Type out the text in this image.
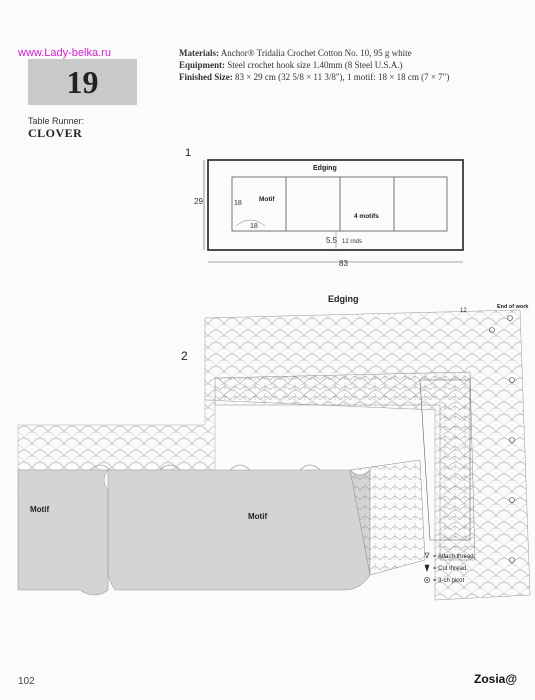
www.Lady-belka.ru
19
Table Runner:
CLOVER
Materials: Anchor® Tridalia Crochet Cotton No. 10, 95 g white
Equipment: Steel crochet hook size 1.40mm (8 Steel U.S.A.)
Finished Size: 83 × 29 cm (32 5/8 × 11 3/8"), 1 motif: 18 × 18 cm (7 × 7")
1
Edging
Motif
4 motifs
29	18
18
5.5 12 rnds
83
2
Edging
End of work
12
Motif
Motif
= Attach thread.
= Cut thread.
= 3-ch picot
102	Zosia@
